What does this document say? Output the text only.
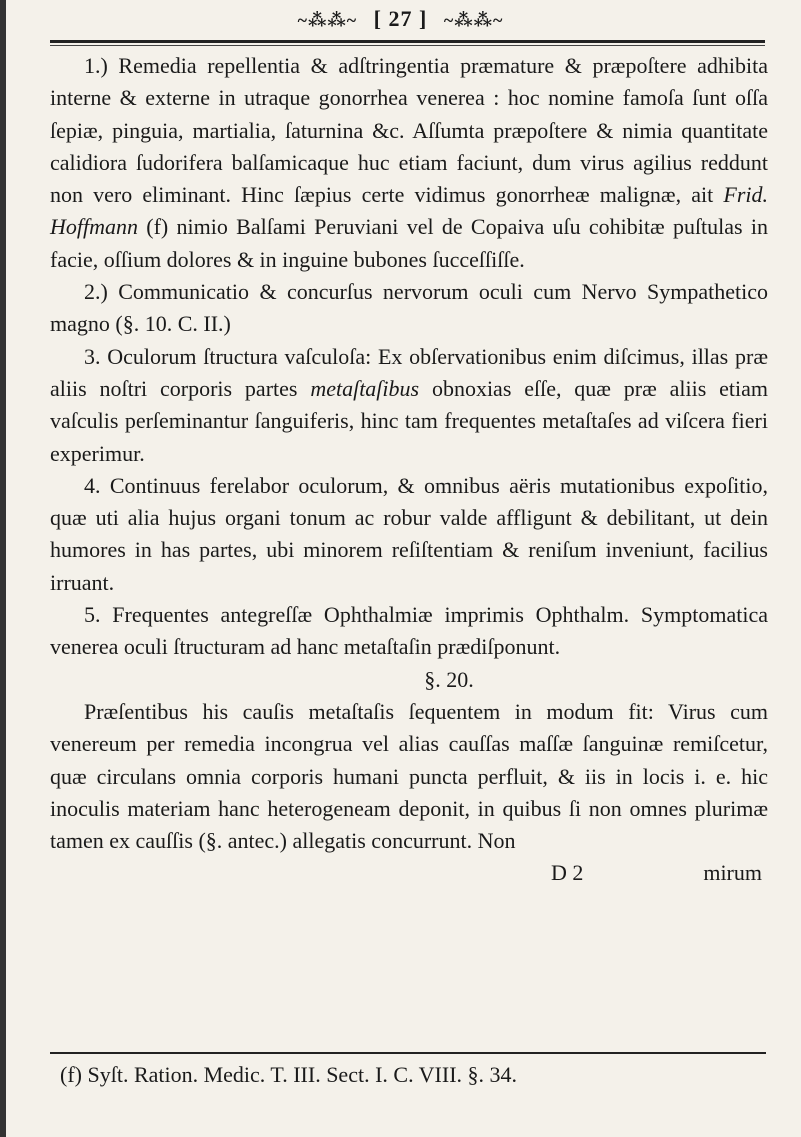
~⁂⁂~ [ 27 ] ~⁂⁂~

1.) Remedia repellentia & adſtringentia præmature & præpoſtere adhibita interne & externe in utraque gonorrhea venerea : hoc nomine famoſa ſunt oſſa ſepiæ, pinguia, martialia, ſaturnina &c. Aſſumta præpoſtere & nimia quantitate calidiora ſudorifera balſamicaque huc etiam faciunt, dum virus agilius reddunt non vero eliminant. Hinc ſæpius certe vidimus gonorrheæ malignæ, ait Frid. Hoffmann (f) nimio Balſami Peruviani vel de Copaiva uſu cohibitæ puſtulas in facie, oſſium dolores & in inguine bubones ſucceſſiſſe.

2.) Communicatio & concurſus nervorum oculi cum Nervo Sympathetico magno (§. 10. C. II.)

3. Oculorum ſtructura vaſculoſa: Ex obſervationibus enim diſcimus, illas præ aliis noſtri corporis partes metaſtaſibus obnoxias eſſe, quæ præ aliis etiam vaſculis perſeminantur ſanguiferis, hinc tam frequentes metaſtaſes ad viſcera fieri experimur.

4. Continuus ferelabor oculorum, & omnibus aëris mutationibus expoſitio, quæ uti alia hujus organi tonum ac robur valde affligunt & debilitant, ut dein humores in has partes, ubi minorem reſiſtentiam & reniſum inveniunt, facilius irruant.

5. Frequentes antegreſſæ Ophthalmiæ imprimis Ophthalm. Symptomatica venerea oculi ſtructuram ad hanc metaſtaſin prædiſponunt.

§. 20.

Præſentibus his cauſis metaſtaſis ſequentem in modum fit: Virus cum venereum per remedia incongrua vel alias cauſſas maſſæ ſanguinæ remiſcetur, quæ circulans omnia corporis humani puncta perfluit, & iis in locis i. e. hic inoculis materiam hanc heterogeneam deponit, in quibus ſi non omnes plurimæ tamen ex cauſſis (§. antec.) allegatis concurrunt. Non

D 2	mirum

(f) Syſt. Ration. Medic. T. III. Sect. I. C. VIII. §. 34.
